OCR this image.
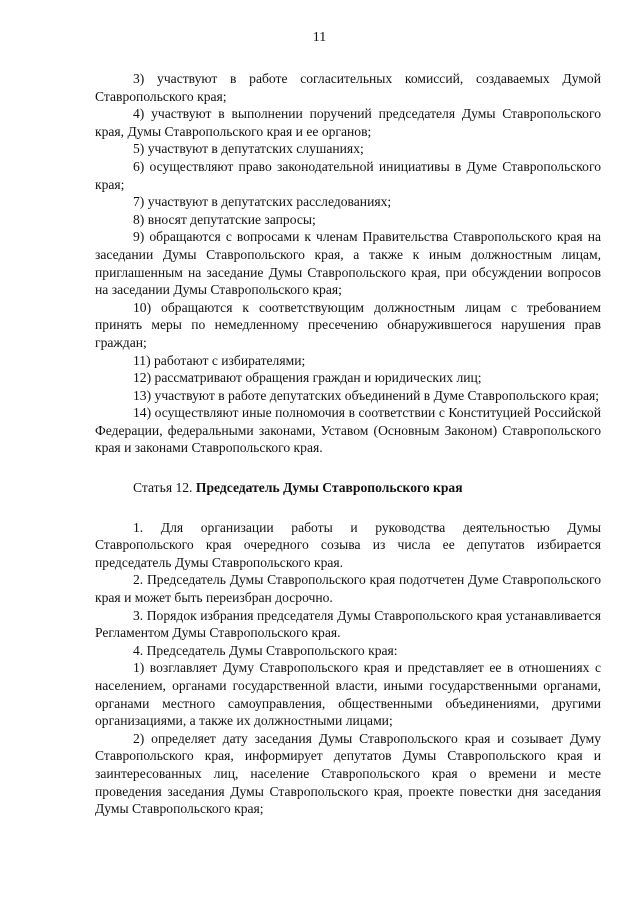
11

3) участвуют в работе согласительных комиссий, создаваемых Думой Ставропольского края;

4) участвуют в выполнении поручений председателя Думы Ставропольского края, Думы Ставропольского края и ее органов;

5) участвуют в депутатских слушаниях;

6) осуществляют право законодательной инициативы в Думе Ставропольского края;

7) участвуют в депутатских расследованиях;

8) вносят депутатские запросы;

9) обращаются с вопросами к членам Правительства Ставропольского края на заседании Думы Ставропольского края, а также к иным должностным лицам, приглашенным на заседание Думы Ставропольского края, при обсуждении вопросов на заседании Думы Ставропольского края;

10) обращаются к соответствующим должностным лицам с требованием принять меры по немедленному пресечению обнаружившегося нарушения прав граждан;

11) работают с избирателями;

12) рассматривают обращения граждан и юридических лиц;

13) участвуют в работе депутатских объединений в Думе Ставропольского края;

14) осуществляют иные полномочия в соответствии с Конституцией Российской Федерации, федеральными законами, Уставом (Основным Законом) Ставропольского края и законами Ставропольского края.

Статья 12. Председатель Думы Ставропольского края

1. Для организации работы и руководства деятельностью Думы Ставропольского края очередного созыва из числа ее депутатов избирается председатель Думы Ставропольского края.

2. Председатель Думы Ставропольского края подотчетен Думе Ставропольского края и может быть переизбран досрочно.

3. Порядок избрания председателя Думы Ставропольского края устанавливается Регламентом Думы Ставропольского края.

4. Председатель Думы Ставропольского края:

1) возглавляет Думу Ставропольского края и представляет ее в отношениях с населением, органами государственной власти, иными государственными органами, органами местного самоуправления, общественными объединениями, другими организациями, а также их должностными лицами;

2) определяет дату заседания Думы Ставропольского края и созывает Думу Ставропольского края, информирует депутатов Думы Ставропольского края и заинтересованных лиц, население Ставропольского края о времени и месте проведения заседания Думы Ставропольского края, проекте повестки дня заседания Думы Ставропольского края;
